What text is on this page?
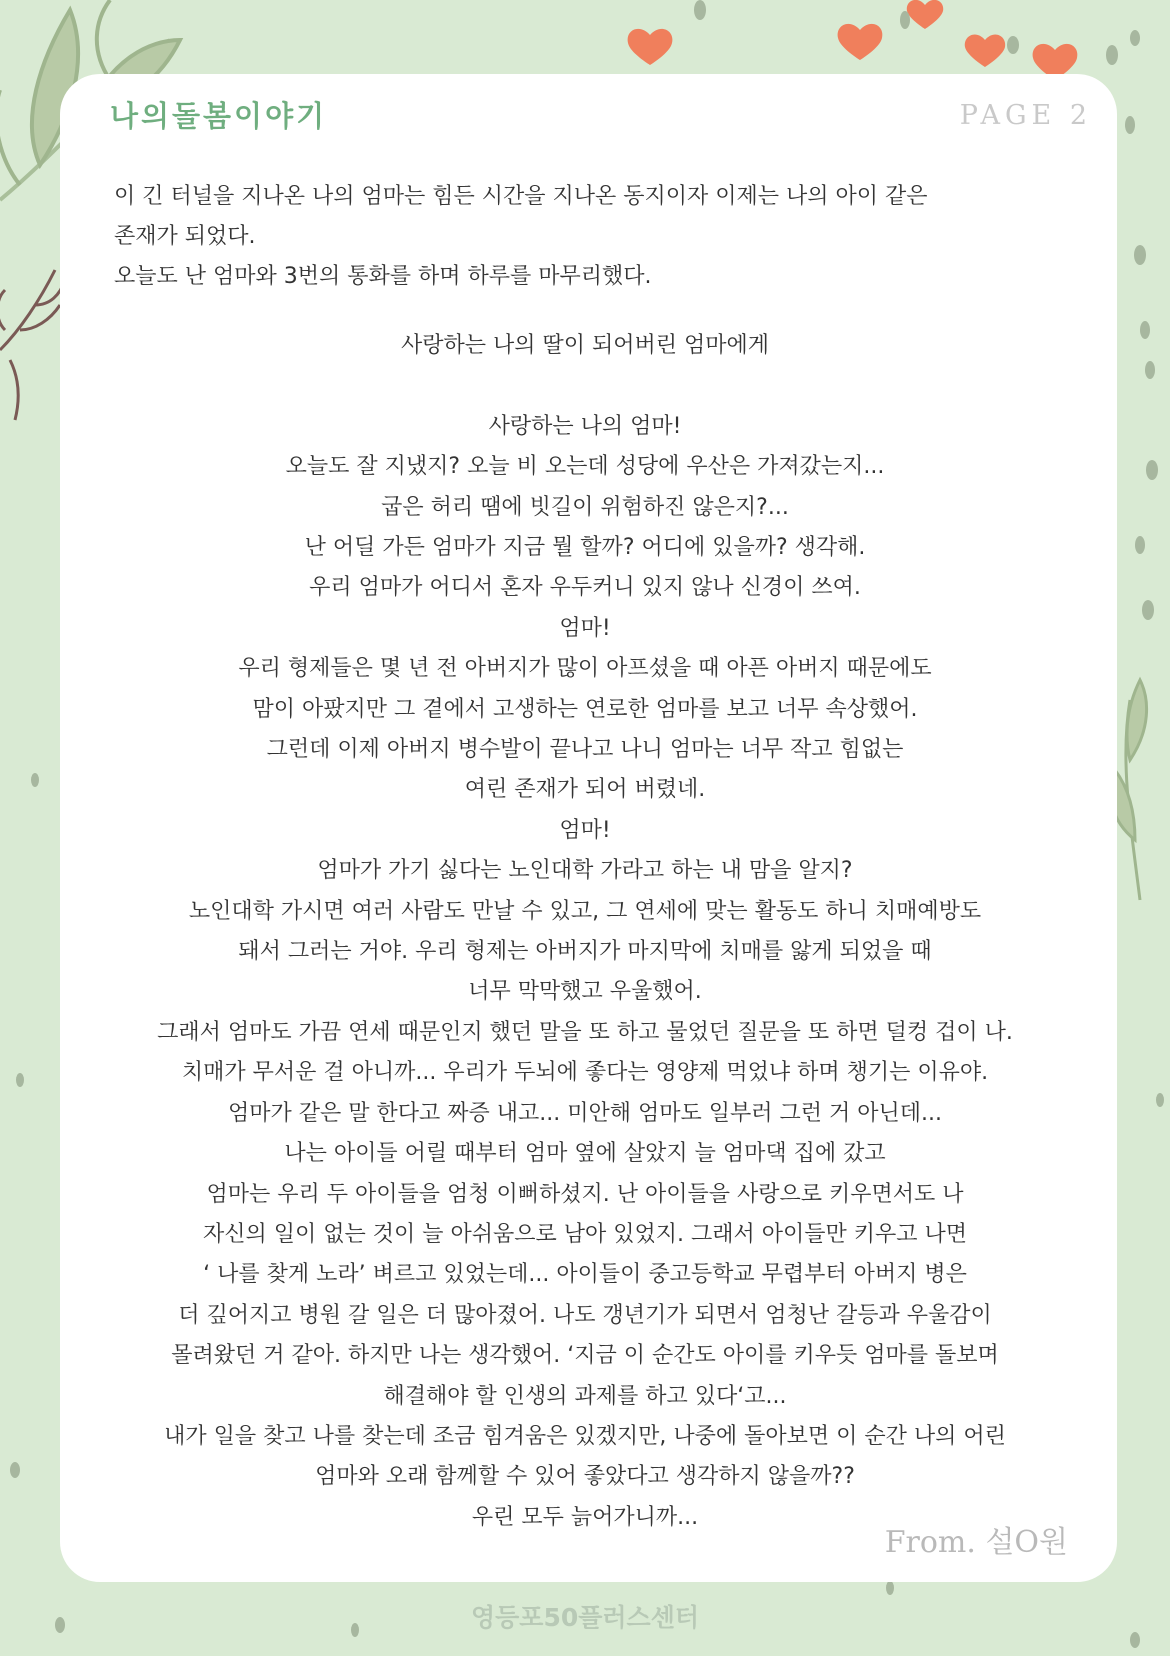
나의돌봄이야기	PAGE 2

이 긴 터널을 지나온 나의 엄마는 힘든 시간을 지나온 동지이자 이제는 나의 아이 같은

존재가 되었다.

오늘도 난 엄마와 3번의 통화를 하며 하루를 마무리했다.

사랑하는 나의 딸이 되어버린 엄마에게

사랑하는 나의 엄마!

오늘도 잘 지냈지? 오늘 비 오는데 성당에 우산은 가져갔는지...

굽은 허리 땜에 빗길이 위험하진 않은지?...

난 어딜 가든 엄마가 지금 뭘 할까? 어디에 있을까? 생각해.

우리 엄마가 어디서 혼자 우두커니 있지 않나 신경이 쓰여.

엄마!

우리 형제들은 몇 년 전 아버지가 많이 아프셨을 때 아픈 아버지 때문에도

맘이 아팠지만 그 곁에서 고생하는 연로한 엄마를 보고 너무 속상했어.

그런데 이제 아버지 병수발이 끝나고 나니 엄마는 너무 작고 힘없는

여린 존재가 되어 버렸네.

엄마!

엄마가 가기 싫다는 노인대학 가라고 하는 내 맘을 알지?

노인대학 가시면 여러 사람도 만날 수 있고, 그 연세에 맞는 활동도 하니 치매예방도

돼서 그러는 거야. 우리 형제는 아버지가 마지막에 치매를 앓게 되었을 때

너무 막막했고 우울했어.

그래서 엄마도 가끔 연세 때문인지 했던 말을 또 하고 물었던 질문을 또 하면 덜컹 겁이 나.

치매가 무서운 걸 아니까... 우리가 두뇌에 좋다는 영양제 먹었냐 하며 챙기는 이유야.

엄마가 같은 말 한다고 짜증 내고... 미안해 엄마도 일부러 그런 거 아닌데...

나는 아이들 어릴 때부터 엄마 옆에 살았지 늘 엄마댁 집에 갔고

엄마는 우리 두 아이들을 엄청 이뻐하셨지. 난 아이들을 사랑으로 키우면서도 나

자신의 일이 없는 것이 늘 아쉬움으로 남아 있었지. 그래서 아이들만 키우고 나면

‘ 나를 찾게 노라’ 벼르고 있었는데... 아이들이 중고등학교 무렵부터 아버지 병은

더 깊어지고 병원 갈 일은 더 많아졌어. 나도 갱년기가 되면서 엄청난 갈등과 우울감이

몰려왔던 거 같아. 하지만 나는 생각했어. ‘지금 이 순간도 아이를 키우듯 엄마를 돌보며

해결해야 할 인생의 과제를 하고 있다‘고...

내가 일을 찾고 나를 찾는데 조금 힘겨움은 있겠지만, 나중에 돌아보면 이 순간 나의 어린

엄마와 오래 함께할 수 있어 좋았다고 생각하지 않을까??

우린 모두 늙어가니까...

From. 설O원
영등포50플러스센터
